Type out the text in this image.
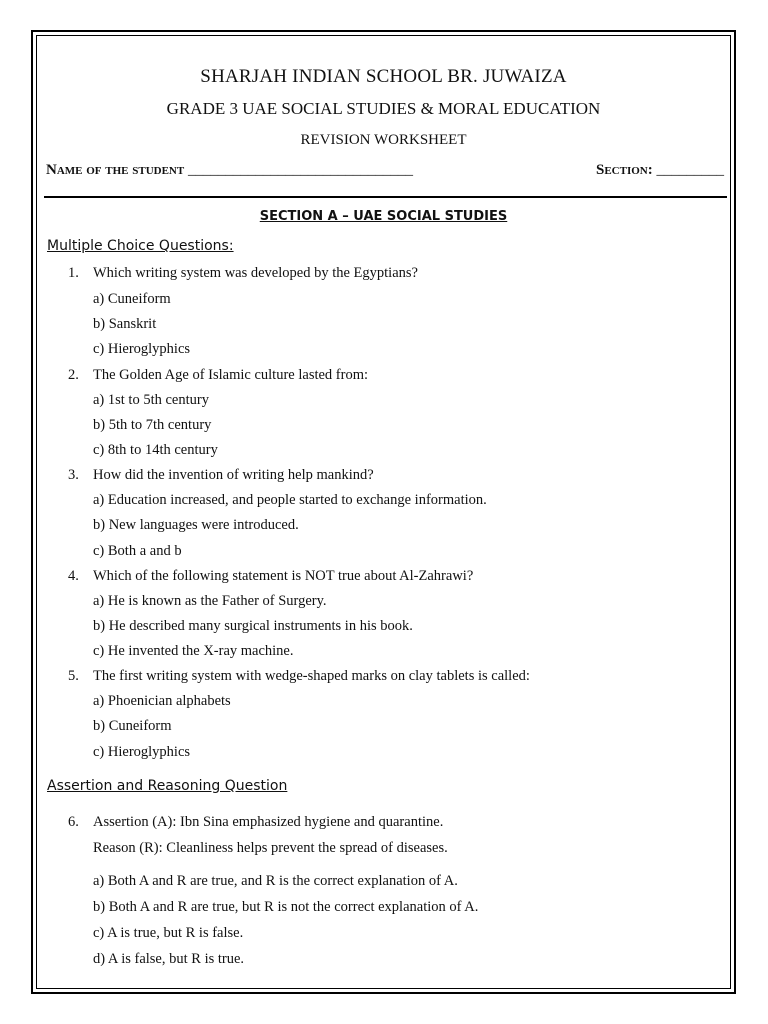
SHARJAH INDIAN SCHOOL BR. JUWAIZA
GRADE 3 UAE SOCIAL STUDIES & MORAL EDUCATION
REVISION WORKSHEET
Name of the student ______________________________	Section: _________
SECTION A – UAE SOCIAL STUDIES
Multiple Choice Questions:
1. Which writing system was developed by the Egyptians?
a) Cuneiform
b) Sanskrit
c) Hieroglyphics
2. The Golden Age of Islamic culture lasted from:
a) 1st to 5th century
b) 5th to 7th century
c) 8th to 14th century
3. How did the invention of writing help mankind?
a) Education increased, and people started to exchange information.
b) New languages were introduced.
c) Both a and b
4. Which of the following statement is NOT true about Al-Zahrawi?
a) He is known as the Father of Surgery.
b) He described many surgical instruments in his book.
c) He invented the X-ray machine.
5. The first writing system with wedge-shaped marks on clay tablets is called:
a) Phoenician alphabets
b) Cuneiform
c) Hieroglyphics
Assertion and Reasoning Question
6. Assertion (A): Ibn Sina emphasized hygiene and quarantine.
Reason (R): Cleanliness helps prevent the spread of diseases.
a) Both A and R are true, and R is the correct explanation of A.
b) Both A and R are true, but R is not the correct explanation of A.
c) A is true, but R is false.
d) A is false, but R is true.
